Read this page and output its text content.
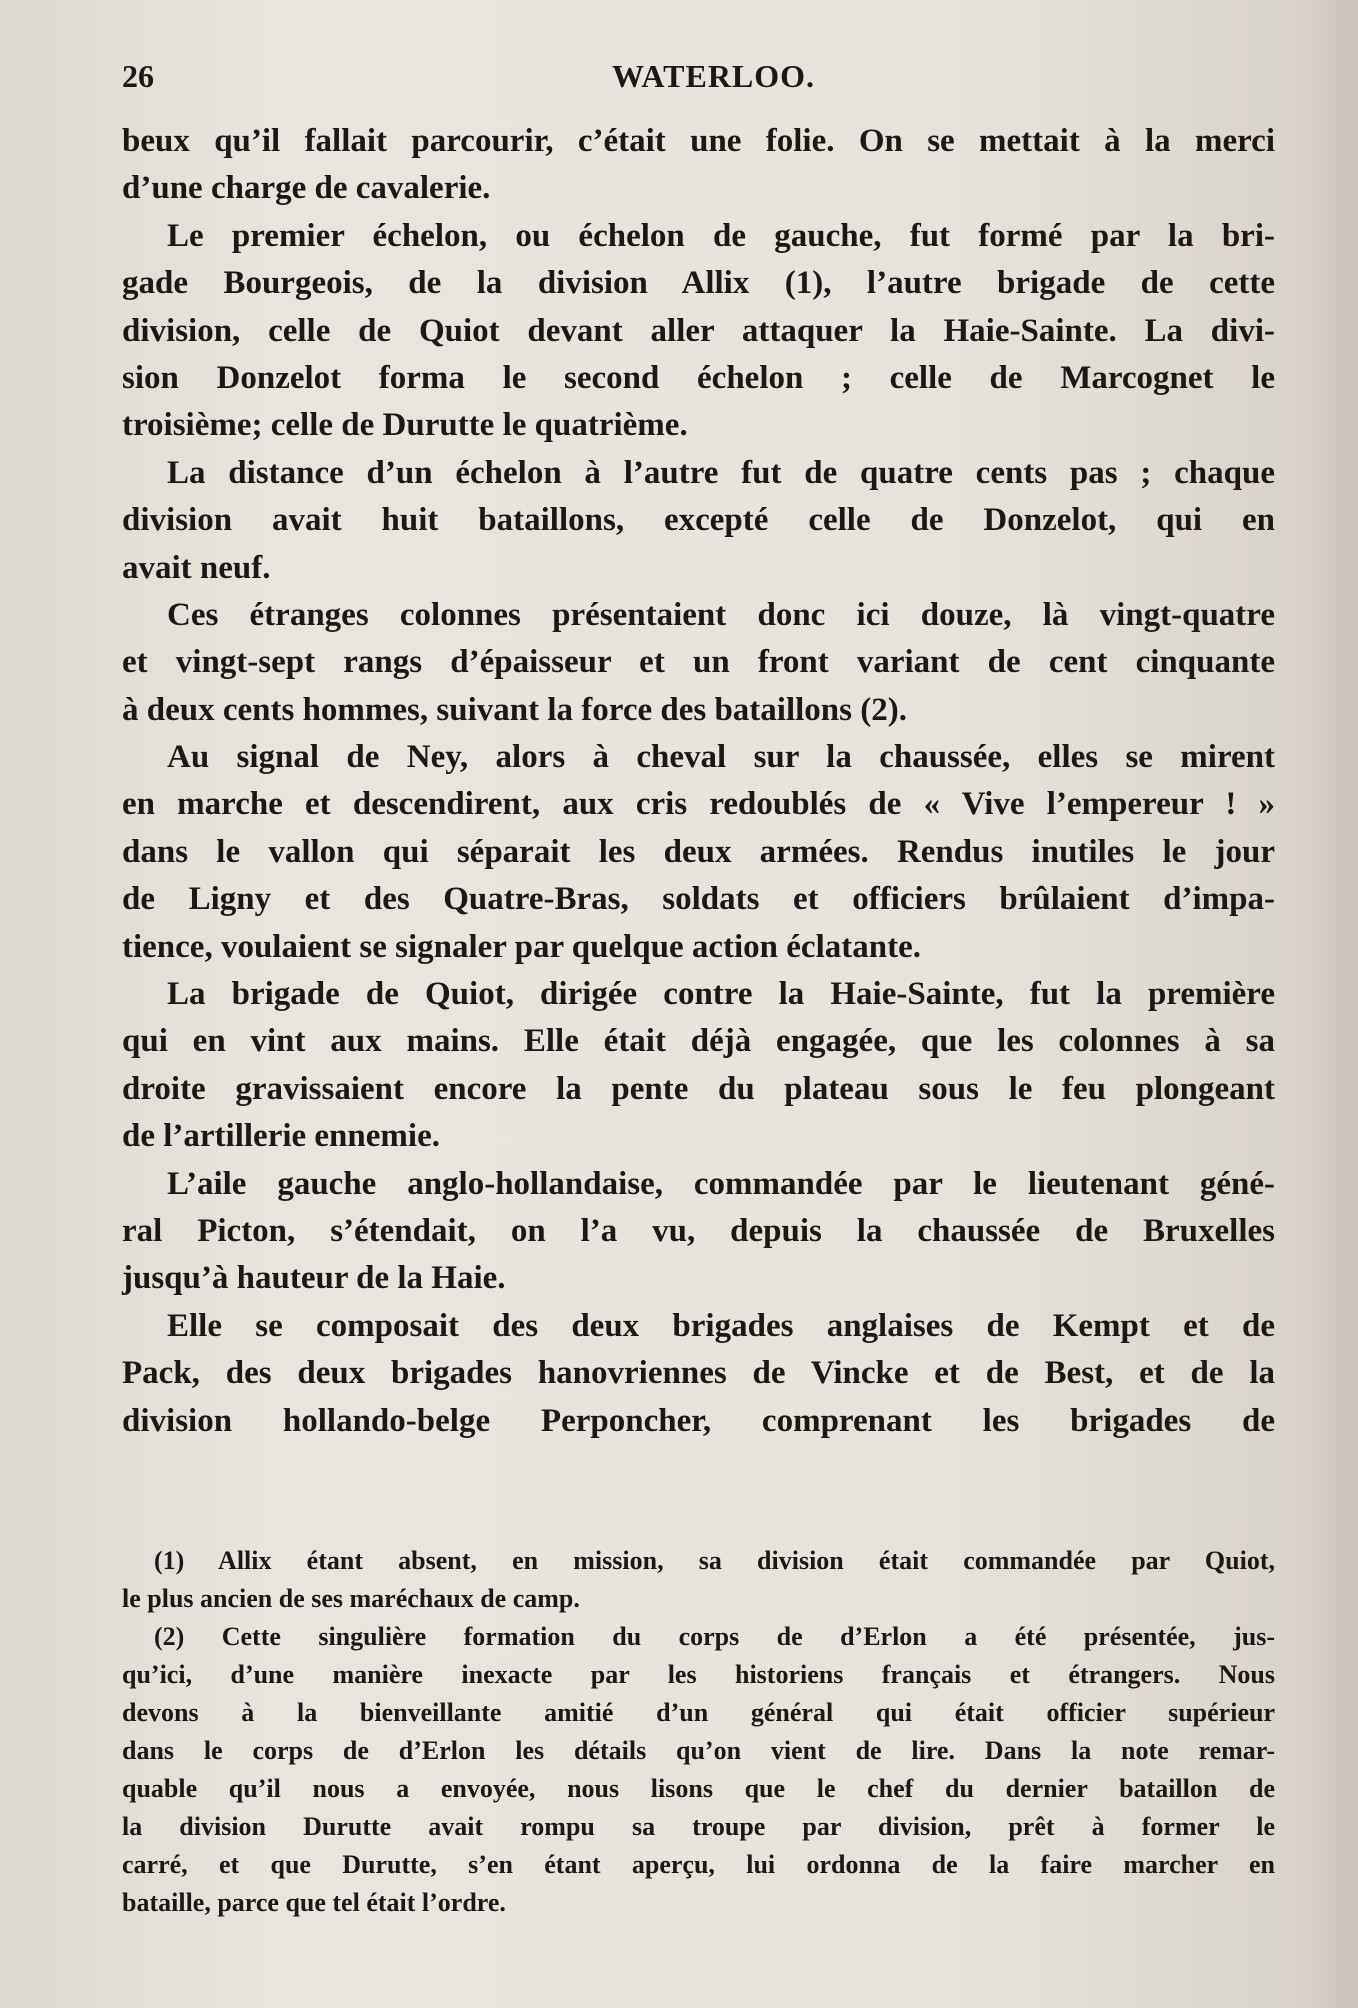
26	WATERLOO.
beux qu’il fallait parcourir, c’était une folie. On se mettait à la merci
d’une charge de cavalerie.
Le premier échelon, ou échelon de gauche, fut formé par la bri-
gade Bourgeois, de la division Allix (1), l’autre brigade de cette
division, celle de Quiot devant aller attaquer la Haie-Sainte. La divi-
sion Donzelot forma le second échelon ; celle de Marcognet le
troisième; celle de Durutte le quatrième.
La distance d’un échelon à l’autre fut de quatre cents pas ; chaque
division avait huit bataillons, excepté celle de Donzelot, qui en
avait neuf.
Ces étranges colonnes présentaient donc ici douze, là vingt-quatre
et vingt-sept rangs d’épaisseur et un front variant de cent cinquante
à deux cents hommes, suivant la force des bataillons (2).
Au signal de Ney, alors à cheval sur la chaussée, elles se mirent
en marche et descendirent, aux cris redoublés de « Vive l’empereur ! »
dans le vallon qui séparait les deux armées. Rendus inutiles le jour
de Ligny et des Quatre-Bras, soldats et officiers brûlaient d’impa-
tience, voulaient se signaler par quelque action éclatante.
La brigade de Quiot, dirigée contre la Haie-Sainte, fut la première
qui en vint aux mains. Elle était déjà engagée, que les colonnes à sa
droite gravissaient encore la pente du plateau sous le feu plongeant
de l’artillerie ennemie.
L’aile gauche anglo-hollandaise, commandée par le lieutenant géné-
ral Picton, s’étendait, on l’a vu, depuis la chaussée de Bruxelles
jusqu’à hauteur de la Haie.
Elle se composait des deux brigades anglaises de Kempt et de
Pack, des deux brigades hanovriennes de Vincke et de Best, et de la
division hollando-belge Perponcher, comprenant les brigades de
(1) Allix étant absent, en mission, sa division était commandée par Quiot,
le plus ancien de ses maréchaux de camp.
(2) Cette singulière formation du corps de d’Erlon a été présentée, jus-
qu’ici, d’une manière inexacte par les historiens français et étrangers. Nous
devons à la bienveillante amitié d’un général qui était officier supérieur
dans le corps de d’Erlon les détails qu’on vient de lire. Dans la note remar-
quable qu’il nous a envoyée, nous lisons que le chef du dernier bataillon de
la division Durutte avait rompu sa troupe par division, prêt à former le
carré, et que Durutte, s’en étant aperçu, lui ordonna de la faire marcher en
bataille, parce que tel était l’ordre.
